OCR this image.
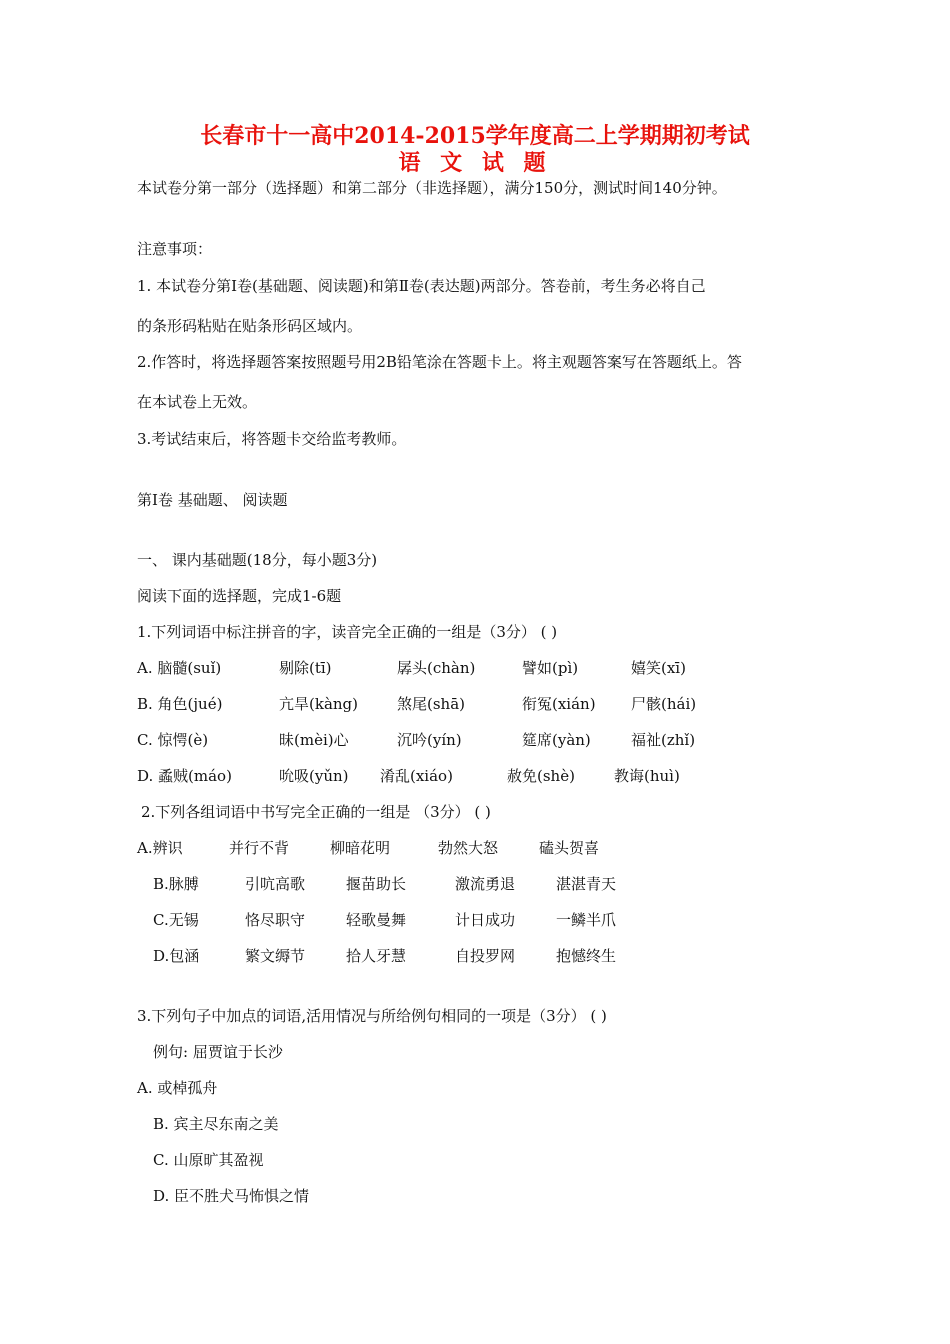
长春市十一高中2014-2015学年度高二上学期期初考试
语 文 试 题
本试卷分第一部分（选择题）和第二部分（非选择题），满分150分，测试时间140分钟。
注意事项：
1. 本试卷分第Ⅰ卷(基础题、阅读题)和第Ⅱ卷(表达题)两部分。答卷前，考生务必将自己
的条形码粘贴在贴条形码区域内。
2.作答时，将选择题答案按照题号用2B铅笔涂在答题卡上。将主观题答案写在答题纸上。答
在本试卷上无效。
3.考试结束后，将答题卡交给监考教师。
第Ⅰ卷 基础题、 阅读题
一、 课内基础题(18分，每小题3分)
阅读下面的选择题，完成1-6题
1.下列词语中标注拼音的字，读音完全正确的一组是（3分） ( )
A. 脑髓(suǐ)	剔除(tī)	孱头(chàn)	譬如(pì)	嬉笑(xī)
B. 角色(jué)	亢旱(kàng)	煞尾(shā)	衔冤(xián) 尸骸(hái)
C. 惊愕(è)	昧(mèi)心	沉吟(yín)	筵席(yàn)	福祉(zhǐ)
D. 蟊贼(máo)	吮吸(yǔn) 淆乱(xiáo)	赦免(shè)	教诲(huì)
2.下列各组词语中书写完全正确的一组是 （3分） ( )
A.辨识	并行不背	柳暗花明	勃然大怒	磕头贺喜
B.脉膊	引吭高歌	揠苗助长	激流勇退	湛湛青天
C.无锡	恪尽职守	轻歌曼舞	计日成功	一鳞半爪
D.包涵	繁文缛节	拾人牙慧	自投罗网	抱憾终生
3.下列句子中加点的词语,活用情况与所给例句相同的一项是（3分） ( )
例句: 屈贾谊于长沙
A. 或棹孤舟
B. 宾主尽东南之美
C. 山原旷其盈视
D. 臣不胜犬马怖惧之情
